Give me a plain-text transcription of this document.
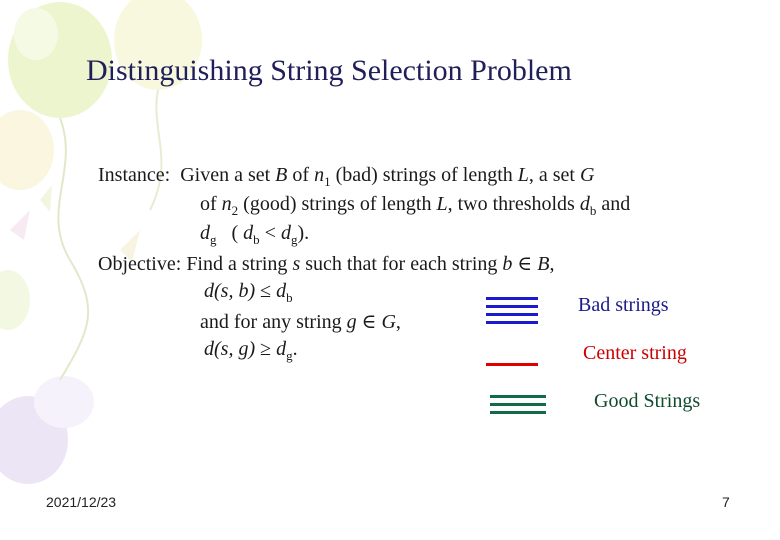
Distinguishing String Selection Problem
Instance: Given a set B of $n_1$ (bad) strings of length L, a set G
of $n_2$ (good) strings of length L, two thresholds $d_b$ and
$d_g$ ( $d_b < d_g$).
Objective: Find a string s such that for each string b ∈ B,
d(s, $b) \le d_b$
and for any string g ∈ G,
d(s, $g) \ge d_g$.
Bad strings
Center string
Good Strings
2021/12/23	7
